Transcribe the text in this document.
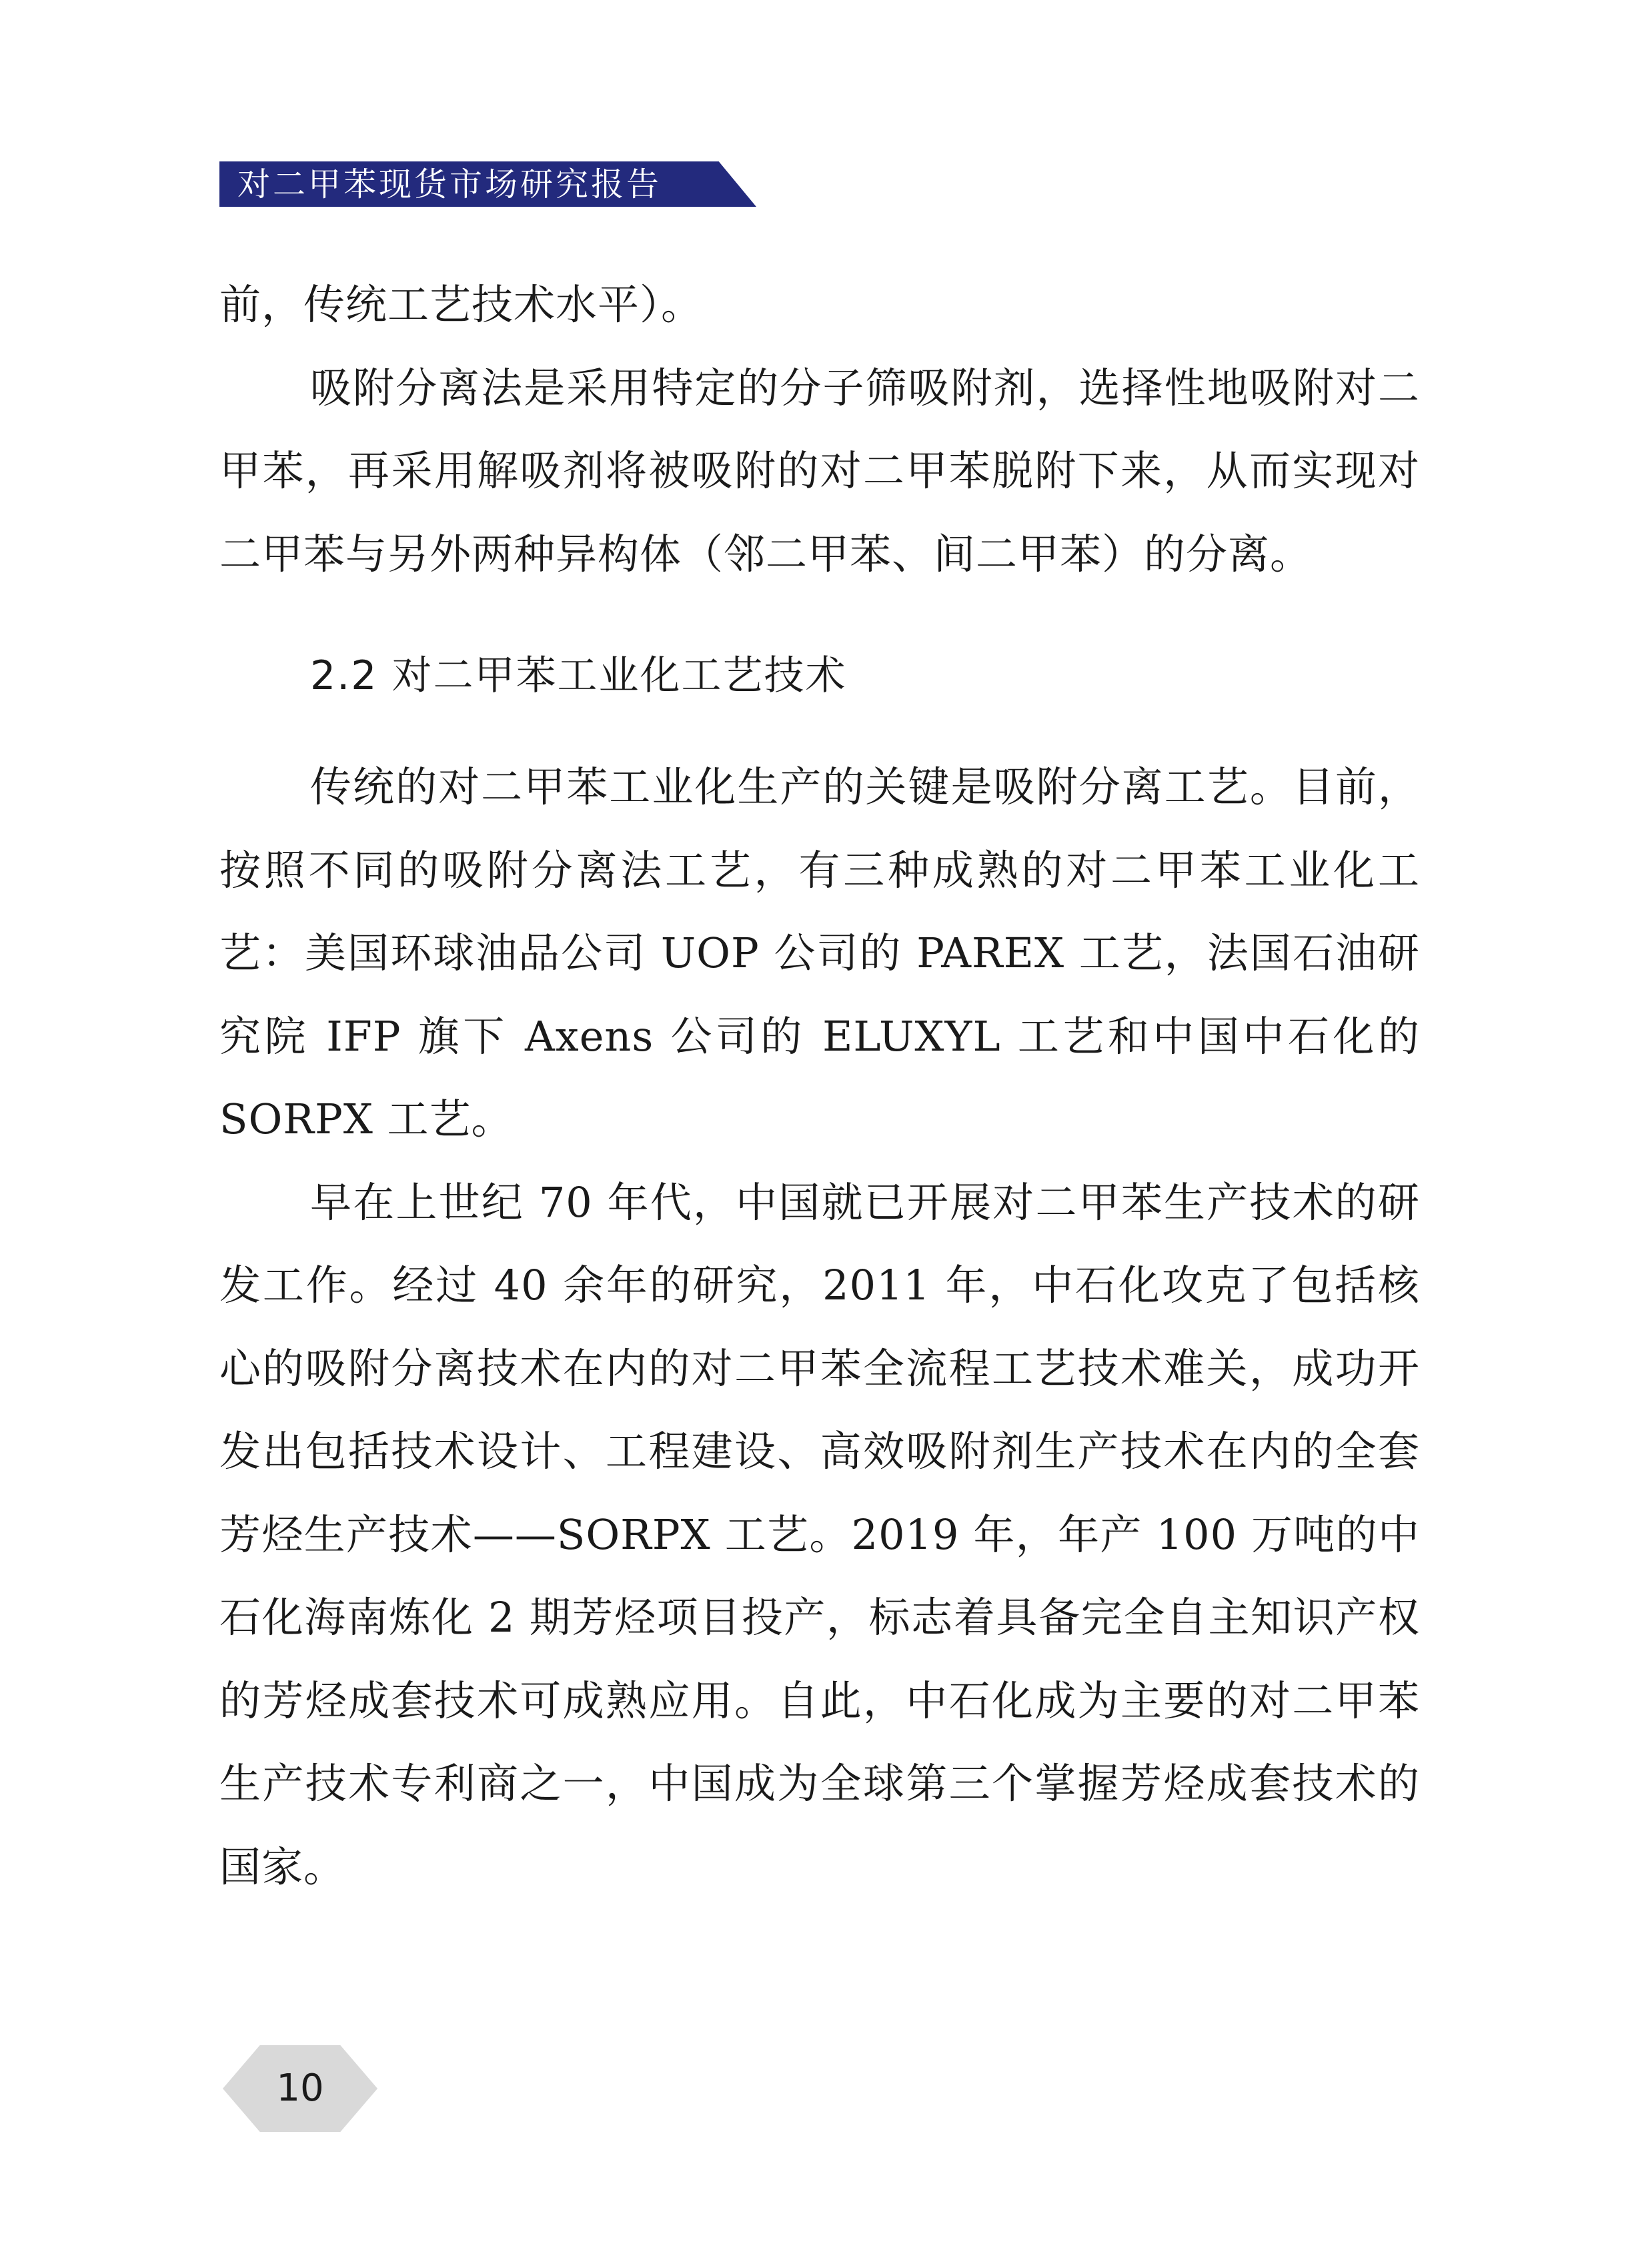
对二甲苯现货市场研究报告

前，传统工艺技术水平）。

吸附分离法是采用特定的分子筛吸附剂，选择性地吸附对二甲苯，再采用解吸剂将被吸附的对二甲苯脱附下来，从而实现对二甲苯与另外两种异构体（邻二甲苯、间二甲苯）的分离。

2.2 对二甲苯工业化工艺技术

传统的对二甲苯工业化生产的关键是吸附分离工艺。目前，按照不同的吸附分离法工艺，有三种成熟的对二甲苯工业化工艺：美国环球油品公司 UOP 公司的 PAREX 工艺，法国石油研究院 IFP 旗下 Axens 公司的 ELUXYL 工艺和中国中石化的 SORPX 工艺。

早在上世纪 70 年代，中国就已开展对二甲苯生产技术的研发工作。经过 40 余年的研究，2011 年，中石化攻克了包括核心的吸附分离技术在内的对二甲苯全流程工艺技术难关，成功开发出包括技术设计、工程建设、高效吸附剂生产技术在内的全套芳烃生产技术——SORPX 工艺。2019 年，年产 100 万吨的中石化海南炼化 2 期芳烃项目投产，标志着具备完全自主知识产权的芳烃成套技术可成熟应用。自此，中石化成为主要的对二甲苯生产技术专利商之一，中国成为全球第三个掌握芳烃成套技术的国家。

10
